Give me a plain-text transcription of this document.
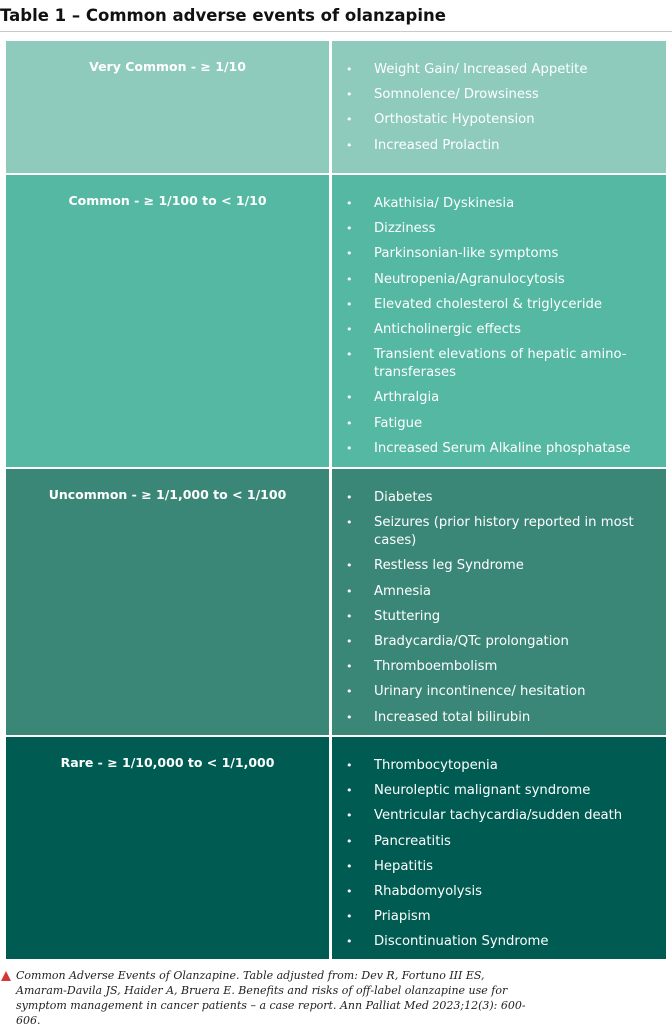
Table 1 – Common adverse events of olanzapine
Very Common - ≥ 1/10	• Weight Gain/ Increased Appetite
• Somnolence/ Drowsiness
• Orthostatic Hypotension
• Increased Prolactin
Common - ≥ 1/100 to < 1/10	• Akathisia/ Dyskinesia
• Dizziness
• Parkinsonian-like symptoms
• Neutropenia/Agranulocytosis
• Elevated cholesterol & triglyceride
• Anticholinergic effects
• Transient elevations of hepatic amino-transferases
• Arthralgia
• Fatigue
• Increased Serum Alkaline phosphatase
Uncommon - ≥ 1/1,000 to < 1/100	• Diabetes
• Seizures (prior history reported in most cases)
• Restless leg Syndrome
• Amnesia
• Stuttering
• Bradycardia/QTc prolongation
• Thromboembolism
• Urinary incontinence/ hesitation
• Increased total bilirubin
Rare - ≥ 1/10,000 to < 1/1,000	• Thrombocytopenia
• Neuroleptic malignant syndrome
• Ventricular tachycardia/sudden death
• Pancreatitis
• Hepatitis
• Rhabdomyolysis
• Priapism
• Discontinuation Syndrome
Common Adverse Events of Olanzapine. Table adjusted from: Dev R, Fortuno III ES, Amaram-Davila JS, Haider A, Bruera E. Benefits and risks of off-label olanzapine use for symptom management in cancer patients – a case report. Ann Palliat Med 2023;12(3): 600-606.
